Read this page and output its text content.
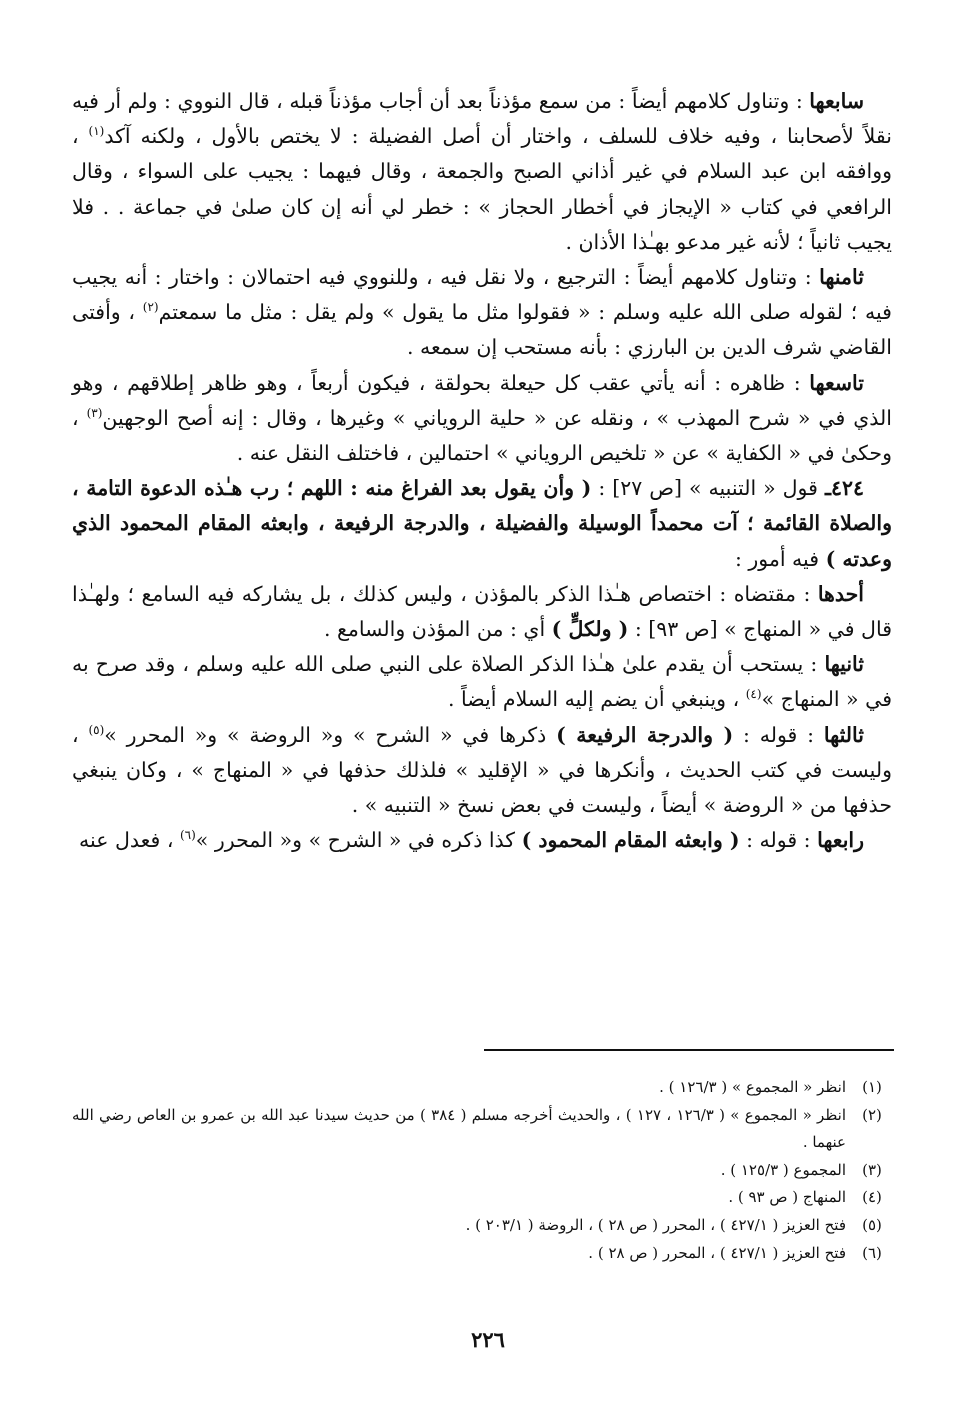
سابعها : وتناول كلامهم أيضاً : من سمع مؤذناً بعد أن أجاب مؤذناً قبله ، قال النووي : ولم أر فيه نقلاً لأصحابنا ، وفيه خلاف للسلف ، واختار أن أصل الفضيلة : لا يختص بالأول ، ولكنه آكد$^{(١)}$ ، ووافقه ابن عبد السلام في غير أذاني الصبح والجمعة ، وقال فيهما : يجيب على السواء ، وقال الرافعي في كتاب « الإيجاز في أخطار الحجاز » : خطر لي أنه إن كان صلىٰ في جماعة . . فلا يجيب ثانياً ؛ لأنه غير مدعو بهـٰذا الأذان .

ثامنها : وتناول كلامهم أيضاً : الترجيع ، ولا نقل فيه ، وللنووي فيه احتمالان : واختار : أنه يجيب فيه ؛ لقوله صلى الله عليه وسلم : « فقولوا مثل ما يقول » ولم يقل : مثل ما سمعتم$^{(٢)}$ ، وأفتى القاضي شرف الدين بن البارزي : بأنه مستحب إن سمعه .

تاسعها : ظاهره : أنه يأتي عقب كل حيعلة بحولقة ، فيكون أربعاً ، وهو ظاهر إطلاقهم ، وهو الذي في « شرح المهذب » ، ونقله عن « حلية الروياني » وغيرها ، وقال : إنه أصح الوجهين$^{(٣)}$ ، وحكىٰ في « الكفاية » عن « تلخيص الروياني » احتمالين ، فاختلف النقل عنه .

٤٢٤ـ قول « التنبيه » [ص ٢٧] : ( وأن يقول بعد الفراغ منه : اللهم ؛ رب هـٰذه الدعوة التامة ، والصلاة القائمة ؛ آت محمداً الوسيلة والفضيلة ، والدرجة الرفيعة ، وابعثه المقام المحمود الذي وعدته ) فيه أمور :

أحدها : مقتضاه : اختصاص هـٰذا الذكر بالمؤذن ، وليس كذلك ، بل يشاركه فيه السامع ؛ ولهـٰذا قال في « المنهاج » [ص ٩٣] : ( ولكلٍّ ) أي : من المؤذن والسامع .

ثانيها : يستحب أن يقدم علىٰ هـٰذا الذكر الصلاة على النبي صلى الله عليه وسلم ، وقد صرح به في « المنهاج »$^{(٤)}$ ، وينبغي أن يضم إليه السلام أيضاً .

ثالثها : قوله : ( والدرجة الرفيعة ) ذكرها في « الشرح » و« الروضة » و« المحرر »$^{(٥)}$ ، وليست في كتب الحديث ، وأنكرها في « الإقليد » فلذلك حذفها في « المنهاج » ، وكان ينبغي حذفها من « الروضة » أيضاً ، وليست في بعض نسخ « التنبيه » .

رابعها : قوله : ( وابعثه المقام المحمود ) كذا ذكره في « الشرح » و« المحرر »$^{(٦)}$ ، فعدل عنه

(١)
انظر « المجموع » ( ١٢٦/٣ ) .
(٢)
انظر « المجموع » ( ١٢٦/٣ ، ١٢٧ ) ، والحديث أخرجه مسلم ( ٣٨٤ ) من حديث سيدنا عبد الله بن عمرو بن العاص رضي الله عنهما .
(٣)
المجموع ( ١٢٥/٣ ) .
(٤)
المنهاج ( ص ٩٣ ) .
(٥)
فتح العزيز ( ٤٢٧/١ ) ، المحرر ( ص ٢٨ ) ، الروضة ( ٢٠٣/١ ) .
(٦)
فتح العزيز ( ٤٢٧/١ ) ، المحرر ( ص ٢٨ ) .
٢٢٦
